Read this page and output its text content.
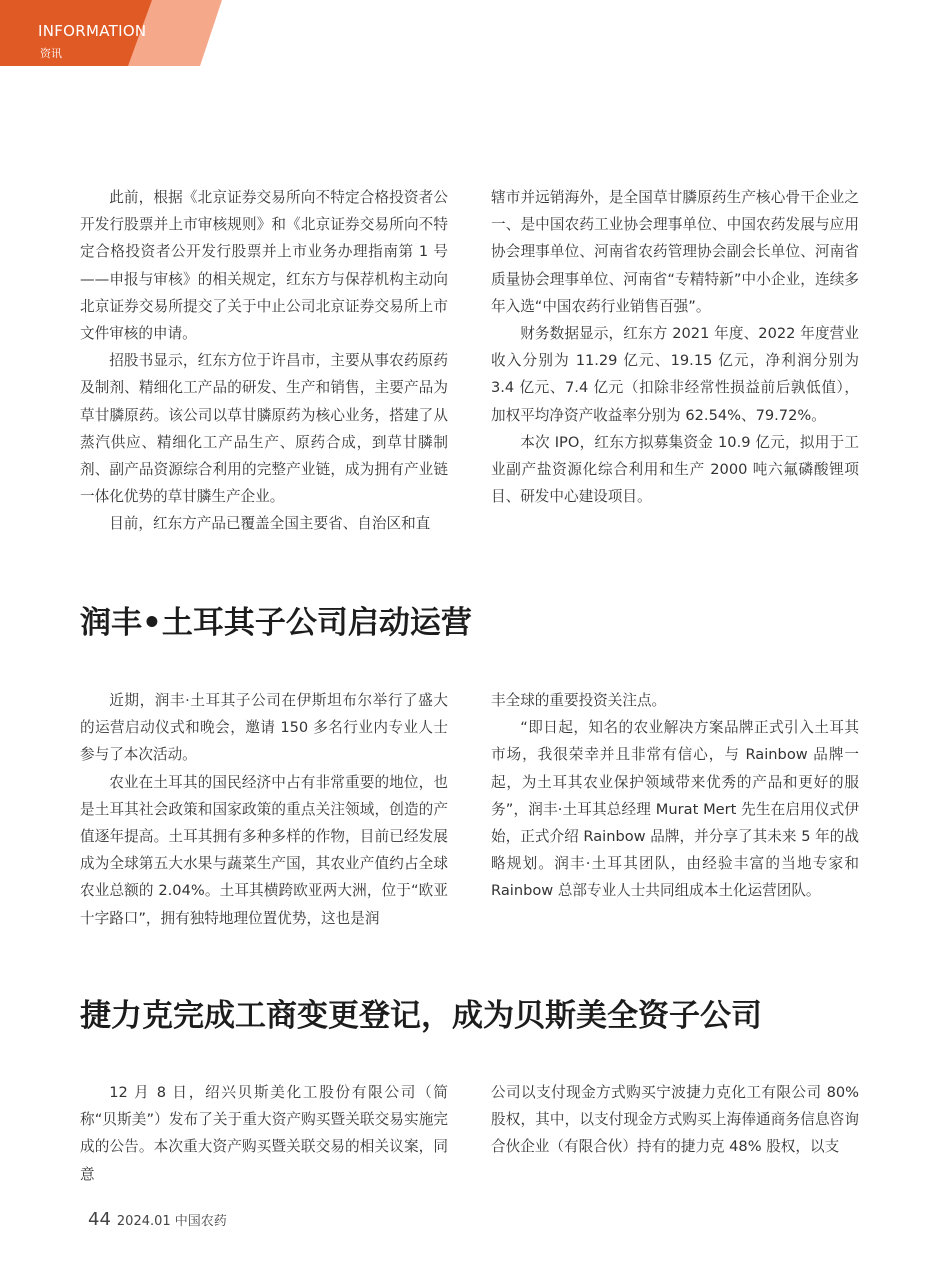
INFORMATION
资讯

此前，根据《北京证券交易所向不特定合格投资者公开发行股票并上市审核规则》和《北京证券交易所向不特定合格投资者公开发行股票并上市业务办理指南第 1 号——申报与审核》的相关规定，红东方与保荐机构主动向北京证券交易所提交了关于中止公司北京证券交易所上市文件审核的申请。

招股书显示，红东方位于许昌市，主要从事农药原药及制剂、精细化工产品的研发、生产和销售，主要产品为草甘膦原药。该公司以草甘膦原药为核心业务，搭建了从蒸汽供应、精细化工产品生产、原药合成，到草甘膦制剂、副产品资源综合利用的完整产业链，成为拥有产业链一体化优势的草甘膦生产企业。

目前，红东方产品已覆盖全国主要省、自治区和直

辖市并远销海外，是全国草甘膦原药生产核心骨干企业之一、是中国农药工业协会理事单位、中国农药发展与应用协会理事单位、河南省农药管理协会副会长单位、河南省质量协会理事单位、河南省“专精特新”中小企业，连续多年入选“中国农药行业销售百强”。

财务数据显示，红东方 2021 年度、2022 年度营业收入分别为 11.29 亿元、19.15 亿元，净利润分别为 3.4 亿元、7.4 亿元（扣除非经常性损益前后孰低值），加权平均净资产收益率分别为 62.54%、79.72%。

本次 IPO，红东方拟募集资金 10.9 亿元，拟用于工业副产盐资源化综合利用和生产 2000 吨六氟磷酸锂项目、研发中心建设项目。

润丰•土耳其子公司启动运营

近期，润丰·土耳其子公司在伊斯坦布尔举行了盛大的运营启动仪式和晚会，邀请 150 多名行业内专业人士参与了本次活动。

农业在土耳其的国民经济中占有非常重要的地位，也是土耳其社会政策和国家政策的重点关注领域，创造的产值逐年提高。土耳其拥有多种多样的作物，目前已经发展成为全球第五大水果与蔬菜生产国，其农业产值约占全球农业总额的 2.04%。土耳其横跨欧亚两大洲，位于“欧亚十字路口”，拥有独特地理位置优势，这也是润

丰全球的重要投资关注点。

“即日起，知名的农业解决方案品牌正式引入土耳其市场，我很荣幸并且非常有信心，与 Rainbow 品牌一起，为土耳其农业保护领域带来优秀的产品和更好的服务”，润丰·土耳其总经理 Murat Mert 先生在启用仪式伊始，正式介绍 Rainbow 品牌，并分享了其未来 5 年的战略规划。润丰·土耳其团队，由经验丰富的当地专家和 Rainbow 总部专业人士共同组成本土化运营团队。

捷力克完成工商变更登记，成为贝斯美全资子公司

12 月 8 日，绍兴贝斯美化工股份有限公司（简称“贝斯美”）发布了关于重大资产购买暨关联交易实施完成的公告。本次重大资产购买暨关联交易的相关议案，同意

公司以支付现金方式购买宁波捷力克化工有限公司 80% 股权，其中，以支付现金方式购买上海俸通商务信息咨询合伙企业（有限合伙）持有的捷力克 48% 股权，以支

44 2024.01 中国农药
